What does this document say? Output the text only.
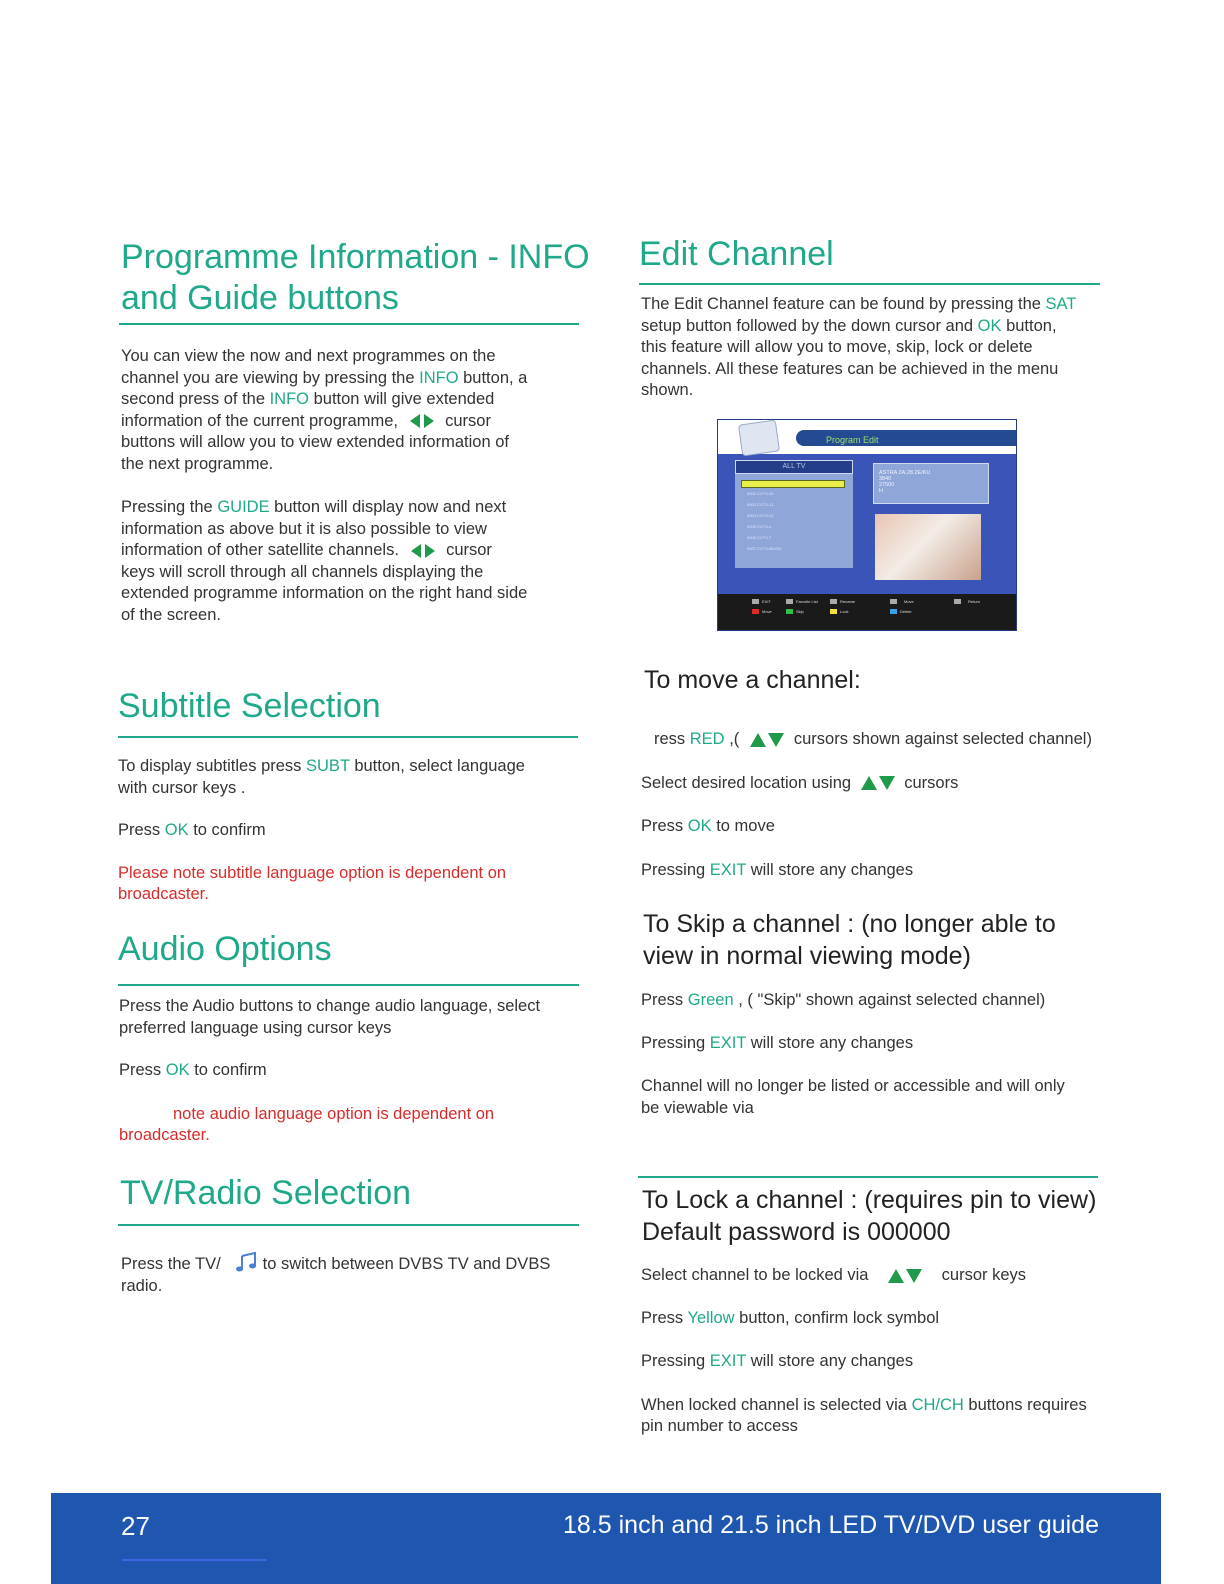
Programme Information - INFO
and Guide buttons

You can view the now and next programmes on the

channel you are viewing by pressing the INFO button, a

second press of the INFO button will give extended

information of the current programme,  cursor

buttons will allow you to view extended information of

the next programme.

Pressing the GUIDE button will display now and next

information as above but it is also possible to view

information of other satellite channels.  cursor

keys will scroll through all channels displaying the

extended programme information on the right hand side

of the screen.

Subtitle Selection

To display subtitles press SUBT button, select language

with cursor keys .

Press OK to confirm

Please note subtitle language option is dependent on

broadcaster.

Audio Options

Press the Audio buttons to change audio language, select

preferred language using cursor keys

Press OK to confirm

note audio language option is dependent on

broadcaster.

TV/Radio Selection

Press the TV/	to switch between DVBS TV and DVBS

radio.

Edit Channel

The Edit Channel feature can be found by pressing the SAT

setup button followed by the down cursor and OK button,

this feature will allow you to move, skip, lock or delete

channels. All these features can be achieved in the menu

shown.

Program Edit
ALL TV
0002 CCTV-10
0003 CCTV-11
0004 CCTV-12
0005 CCTV-4
0006 CCTV-7
0007 CCTV-MUSIC
ASTRA 2A,28.2E/KU
3840
27500
H
EXIT	Favorite List	Rename	Move	Return
Move	Skip	Lock	Delete
To move a channel:

ress RED ,(	cursors shown against selected channel)

Select desired location using	cursors

Press OK to move

Pressing EXIT will store any changes

To Skip a channel : (no longer able to
view in normal viewing mode)

Press Green , ( "Skip" shown against selected channel)

Pressing EXIT will store any changes

Channel will no longer be listed or accessible and will only

be viewable via

To Lock a channel : (requires pin to view)
Default password is 000000

Select channel to be locked via	cursor keys

Press Yellow button, confirm lock symbol

Pressing EXIT will store any changes

When locked channel is selected via CH/CH buttons requires

pin number to access

27	18.5 inch and 21.5 inch LED TV/DVD user guide
